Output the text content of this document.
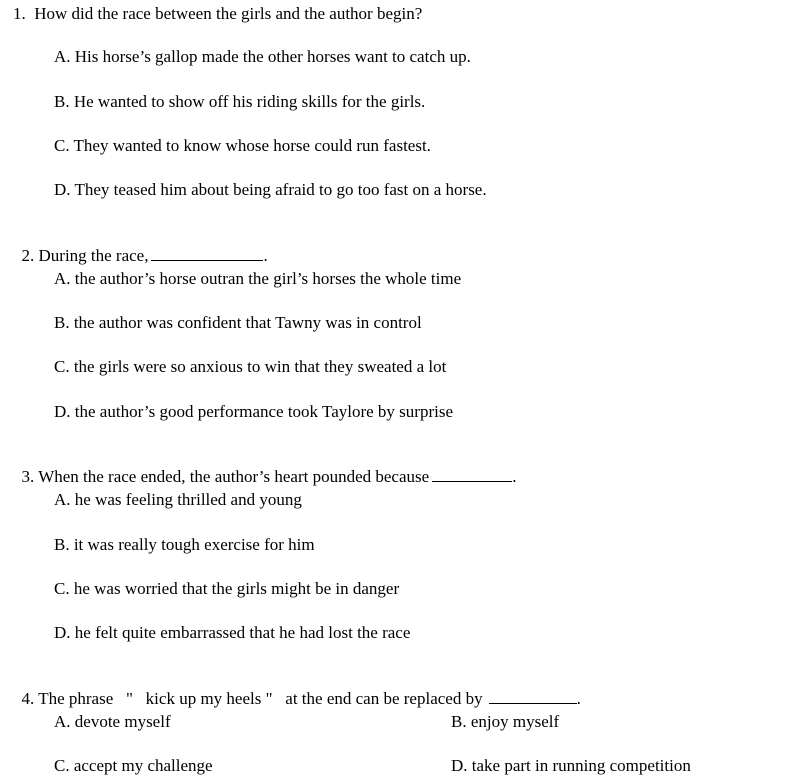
1.  How did the race between the girls and the author begin?
A. His horse’s gallop made the other horses want to catch up.
B. He wanted to show off his riding skills for the girls.
C. They wanted to know whose horse could run fastest.
D. They teased him about being afraid to go too fast on a horse.

2. During the race,	.

A. the author’s horse outran the girl’s horses the whole time
B. the author was confident that Tawny was in control
C. the girls were so anxious to win that they sweated a lot
D. the author’s good performance took Taylore by surprise

3. When the race ended, the author’s heart pounded because	.

A. he was feeling thrilled and young
B. it was really tough exercise for him
C. he was worried that the girls might be in danger
D. he felt quite embarrassed that he had lost the race

4. The phrase   "   kick up my heels "   at the end can be replaced by	.

A. devote myself	B. enjoy myself
C. accept my challenge	D. take part in running competition
